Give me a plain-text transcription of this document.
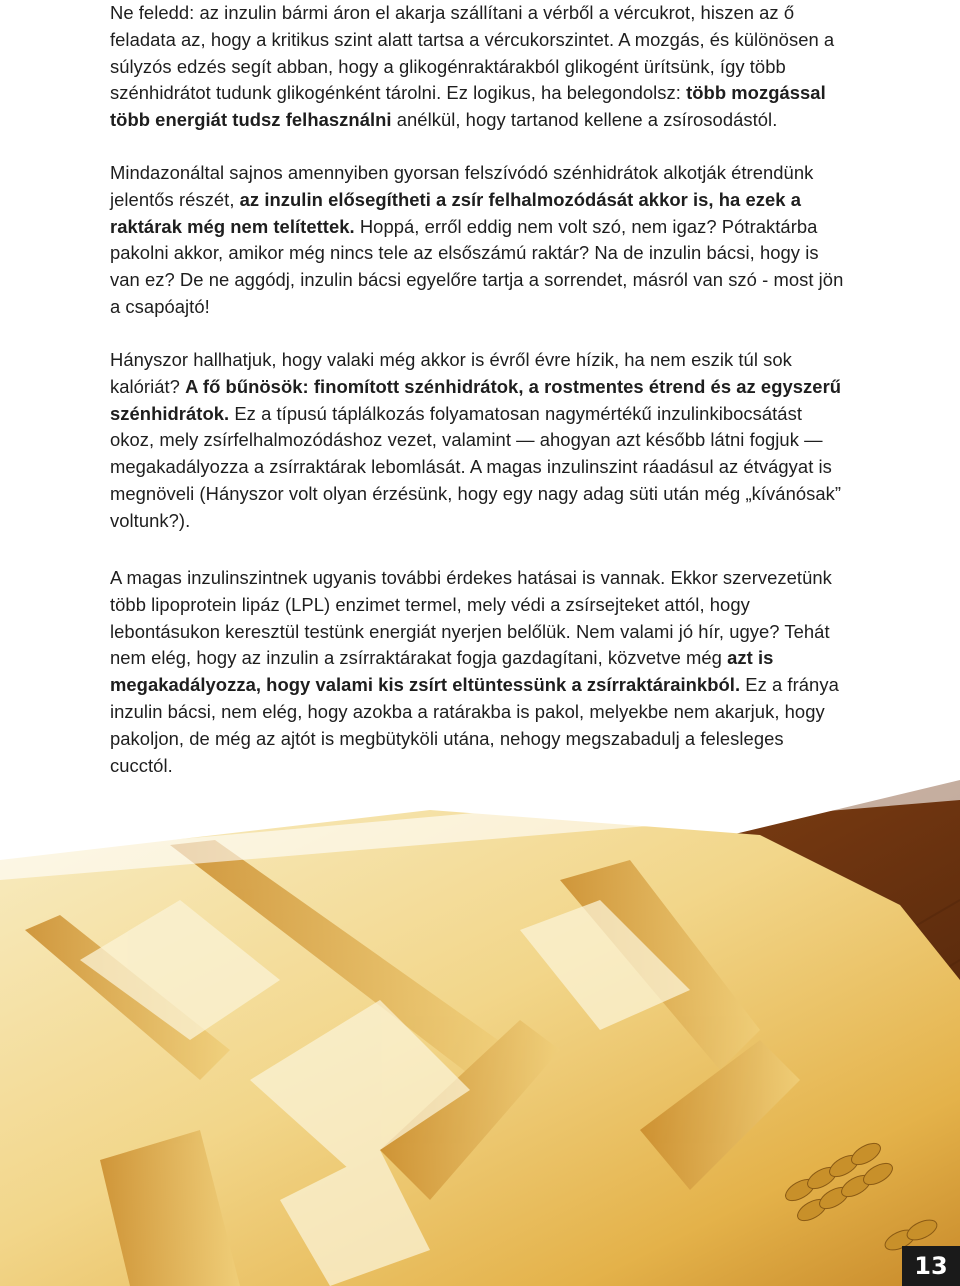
Ne feledd: az inzulin bármi áron el akarja szállítani a vérből a vércukrot, hiszen az ő feladata az, hogy a kritikus szint alatt tartsa a vércukorszintet. A mozgás, és különösen a súlyzós edzés segít abban, hogy a glikogénraktárakból glikogént ürítsünk, így több szénhidrátot tudunk glikogénként tárolni. Ez logikus, ha belegondolsz: több mozgással több energiát tudsz felhasználni anélkül, hogy tartanod kellene a zsírosodástól.

Mindazonáltal sajnos amennyiben gyorsan felszívódó szénhidrátok alkotják étrendünk jelentős részét, az inzulin elősegítheti a zsír felhalmozódását akkor is, ha ezek a raktárak még nem telítettek. Hoppá, erről eddig nem volt szó, nem igaz? Pótraktárba pakolni akkor, amikor még nincs tele az elsőszámú raktár? Na de inzulin bácsi, hogy is van ez? De ne aggódj, inzulin bácsi egyelőre tartja a sorrendet, másról van szó - most jön a csapóajtó!

Hányszor hallhatjuk, hogy valaki még akkor is évről évre hízik, ha nem eszik túl sok kalóriát? A fő bűnösök: finomított szénhidrátok, a rostmentes étrend és az egyszerű szénhidrátok. Ez a típusú táplálkozás folyamatosan nagymértékű inzulinkibocsátást okoz, mely zsírfelhalmozódáshoz vezet, valamint — ahogyan azt később látni fogjuk — megakadályozza a zsírraktárak lebomlását. A magas inzulinszint ráadásul az étvágyat is megnöveli (Hányszor volt olyan érzésünk, hogy egy nagy adag süti után még „kívánósak” voltunk?).

A magas inzulinszintnek ugyanis további érdekes hatásai is vannak. Ekkor szervezetünk több lipoprotein lipáz (LPL) enzimet termel, mely védi a zsírsejteket attól, hogy lebontásukon keresztül testünk energiát nyerjen belőlük. Nem valami jó hír, ugye? Tehát nem elég, hogy az inzulin a zsírraktárakat fogja gazdagítani, közvetve még azt is megakadályozza, hogy valami kis zsírt eltüntessünk a zsírraktárainkból. Ez a fránya inzulin bácsi, nem elég, hogy azokba a ratárakba is pakol, melyekbe nem akarjuk, hogy pakoljon, de még az ajtót is megbütyköli utána, nehogy megszabadulj a felesleges cucctól.

13
